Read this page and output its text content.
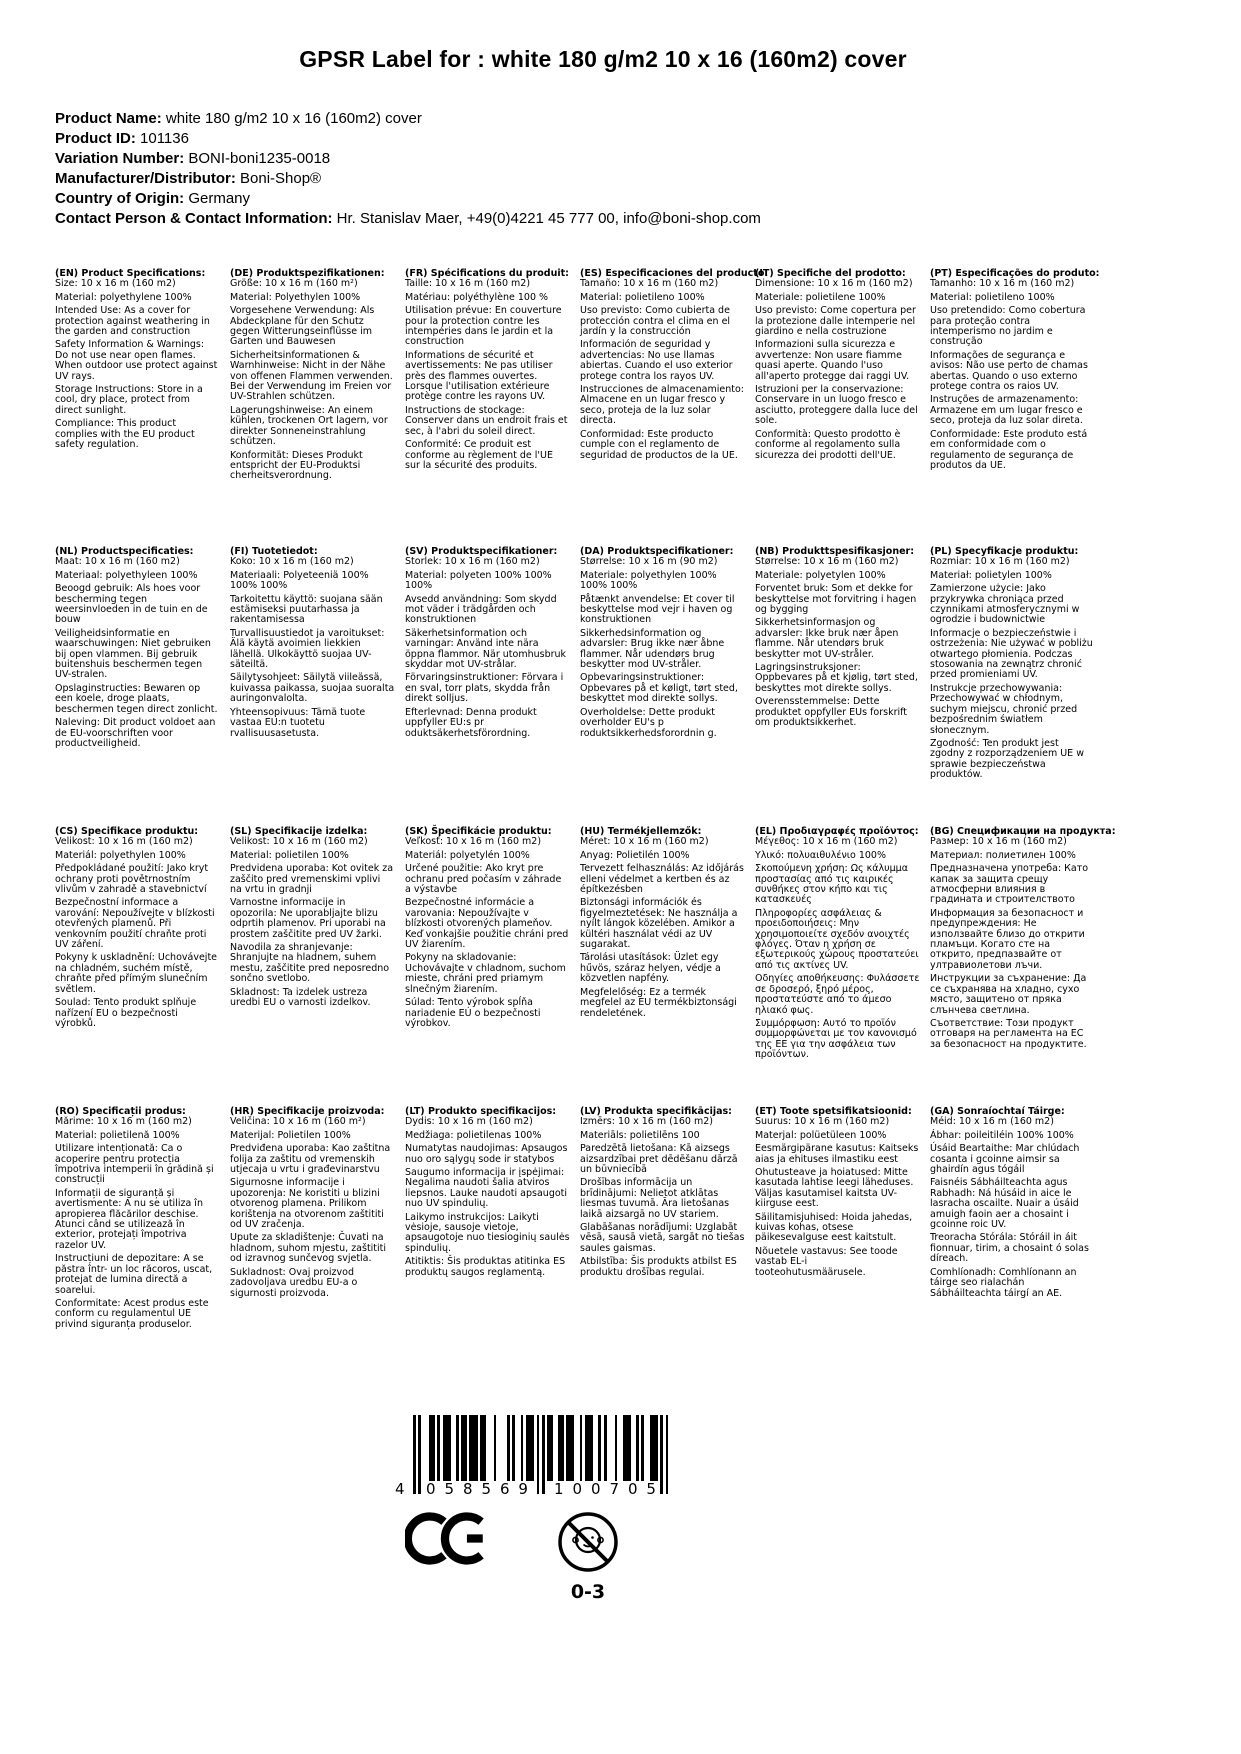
GPSR Label for : white 180 g/m2 10 x 16 (160m2) cover
Product Name: white 180 g/m2 10 x 16 (160m2) cover
Product ID: 101136
Variation Number: BONI-boni1235-0018
Manufacturer/Distributor: Boni-Shop®
Country of Origin: Germany
Contact Person & Contact Information: Hr. Stanislav Maer, +49(0)4221 45 777 00, info@boni-shop.com
(EN) Product Specifications:

Size: 10 x 16 m (160 m2)

Material: polyethylene 100%

Intended Use: As a cover for protection against weathering in the garden and construction

Safety Information & Warnings: Do not use near open flames. When outdoor use protect against UV rays.

Storage Instructions: Store in a cool, dry place, protect from direct sunlight.

Compliance: This product complies with the EU product safety regulation.

(DE) Produktspezifikationen:

Größe: 10 x 16 m (160 m²)

Material: Polyethylen 100%

Vorgesehene Verwendung: Als Abdeckplane für den Schutz gegen Witterungseinflüsse im Garten und Bauwesen

Sicherheitsinformationen & Warnhinweise: Nicht in der Nähe von offenen Flammen verwenden. Bei der Verwendung im Freien vor UV-Strahlen schützen.

Lagerungshinweise: An einem kühlen, trockenen Ort lagern, vor direkter Sonneneinstrahlung schützen.

Konformität: Dieses Produkt entspricht der EU-Produktsi cherheitsverordnung.

(FR) Spécifications du produit:

Taille: 10 x 16 m (160 m2)

Matériau: polyéthylène 100 %

Utilisation prévue: En couverture pour la protection contre les intempéries dans le jardin et la construction

Informations de sécurité et avertissements: Ne pas utiliser près des flammes ouvertes. Lorsque l'utilisation extérieure protège contre les rayons UV.

Instructions de stockage: Conserver dans un endroit frais et sec, à l'abri du soleil direct.

Conformité: Ce produit est conforme au règlement de l'UE sur la sécurité des produits.

(ES) Especificaciones del producto:

Tamaño: 10 x 16 m (160 m2)

Material: polietileno 100%

Uso previsto: Como cubierta de protección contra el clima en el jardín y la construcción

Información de seguridad y advertencias: No use llamas abiertas. Cuando el uso exterior protege contra los rayos UV.

Instrucciones de almacenamiento: Almacene en un lugar fresco y seco, proteja de la luz solar directa.

Conformidad: Este producto cumple con el reglamento de seguridad de productos de la UE.

(IT) Specifiche del prodotto:

Dimensione: 10 x 16 m (160 m2)

Materiale: polietilene 100%

Uso previsto: Come copertura per la protezione dalle intemperie nel giardino e nella costruzione

Informazioni sulla sicurezza e avvertenze: Non usare fiamme quasi aperte. Quando l'uso all'aperto protegge dai raggi UV.

Istruzioni per la conservazione: Conservare in un luogo fresco e asciutto, proteggere dalla luce del sole.

Conformità: Questo prodotto è conforme al regolamento sulla sicurezza dei prodotti dell'UE.

(PT) Especificações do produto:

Tamanho: 10 x 16 m (160 m2)

Material: polietileno 100%

Uso pretendido: Como cobertura para proteção contra intemperismo no jardim e construção

Informações de segurança e avisos: Não use perto de chamas abertas. Quando o uso externo protege contra os raios UV.

Instruções de armazenamento: Armazene em um lugar fresco e seco, proteja da luz solar direta.

Conformidade: Este produto está em conformidade com o regulamento de segurança de produtos da UE.

(NL) Productspecificaties:

Maat: 10 x 16 m (160 m2)

Materiaal: polyethyleen 100%

Beoogd gebruik: Als hoes voor bescherming tegen weersinvloeden in de tuin en de bouw

Veiligheidsinformatie en waarschuwingen: Niet gebruiken bij open vlammen. Bij gebruik buitenshuis beschermen tegen UV-stralen.

Opslaginstructies: Bewaren op een koele, droge plaats, beschermen tegen direct zonlicht.

Naleving: Dit product voldoet aan de EU-voorschriften voor productveiligheid.

(FI) Tuotetiedot:

Koko: 10 x 16 m (160 m2)

Materiaali: Polyeteeniä 100% 100% 100%

Tarkoitettu käyttö: suojana sään estämiseksi puutarhassa ja rakentamisessa

Turvallisuustiedot ja varoitukset: Älä käytä avoimien liekkien lähellä. Ulkokäyttö suojaa UV-säteiltä.

Säilytysohjeet: Säilytä viileässä, kuivassa paikassa, suojaa suoralta auringonvalolta.

Yhteensopivuus: Tämä tuote vastaa EU:n tuotetu rvallisuusasetusta.

(SV) Produktspecifikationer:

Storlek: 10 x 16 m (160 m2)

Material: polyeten 100% 100% 100%

Avsedd användning: Som skydd mot väder i trädgården och konstruktionen

Säkerhetsinformation och varningar: Använd inte nära öppna flammor. När utomhusbruk skyddar mot UV-strålar.

Förvaringsinstruktioner: Förvara i en sval, torr plats, skydda från direkt solljus.

Efterlevnad: Denna produkt uppfyller EU:s pr oduktsäkerhetsförordning.

(DA) Produktspecifikationer:

Størrelse: 10 x 16 m (90 m2)

Materiale: polyethylen 100% 100% 100%

Påtænkt anvendelse: Et cover til beskyttelse mod vejr i haven og konstruktionen

Sikkerhedsinformation og advarsler: Brug ikke nær åbne flammer. Når udendørs brug beskytter mod UV-stråler.

Opbevaringsinstruktioner: Opbevares på et køligt, tørt sted, beskyttet mod direkte sollys.

Overholdelse: Dette produkt overholder EU's p roduktsikkerhedsforordnin g.

(NB) Produkttspesifikasjoner:

Størrelse: 10 x 16 m (160 m2)

Materiale: polyetylen 100%

Forventet bruk: Som et dekke for beskyttelse mot forvitring i hagen og bygging

Sikkerhetsinformasjon og advarsler: Ikke bruk nær åpen flamme. Når utendørs bruk beskytter mot UV-stråler.

Lagringsinstruksjoner: Oppbevares på et kjølig, tørt sted, beskyttes mot direkte sollys.

Overensstemmelse: Dette produktet oppfyller EUs forskrift om produktsikkerhet.

(PL) Specyfikacje produktu:

Rozmiar: 10 x 16 m (160 m2)

Materiał: polietylen 100%

Zamierzone użycie: Jako przykrywka chroniąca przed czynnikami atmosferycznymi w ogrodzie i budownictwie

Informacje o bezpieczeństwie i ostrzeżenia: Nie używać w pobliżu otwartego płomienia. Podczas stosowania na zewnątrz chronić przed promieniami UV.

Instrukcje przechowywania: Przechowywać w chłodnym, suchym miejscu, chronić przed bezpośrednim światłem słonecznym.

Zgodność: Ten produkt jest zgodny z rozporządzeniem UE w sprawie bezpieczeństwa produktów.

(CS) Specifikace produktu:

Velikost: 10 x 16 m (160 m2)

Materiál: polyethylen 100%

Předpokládané použití: Jako kryt ochrany proti povětrnostním vlivům v zahradě a stavebnictví

Bezpečnostní informace a varování: Nepoužívejte v blízkosti otevřených plamenů. Při venkovním použití chraňte proti UV záření.

Pokyny k uskladnění: Uchovávejte na chladném, suchém místě, chraňte před přímým slunečním světlem.

Soulad: Tento produkt splňuje nařízení EU o bezpečnosti výrobků.

(SL) Specifikacije izdelka:

Velikost: 10 x 16 m (160 m2)

Material: polietilen 100%

Predvidena uporaba: Kot ovitek za zaščito pred vremenskimi vplivi na vrtu in gradnji

Varnostne informacije in opozorila: Ne uporabljajte blizu odprtih plamenov. Pri uporabi na prostem zaščitite pred UV žarki.

Navodila za shranjevanje: Shranjujte na hladnem, suhem mestu, zaščitite pred neposredno sončno svetlobo.

Skladnost: Ta izdelek ustreza uredbi EU o varnosti izdelkov.

(SK) Špecifikácie produktu:

Veľkosť: 10 x 16 m (160 m2)

Materiál: polyetylén 100%

Určené použitie: Ako kryt pre ochranu pred počasím v záhrade a výstavbe

Bezpečnostné informácie a varovania: Nepoužívajte v blízkosti otvorených plameňov. Keď vonkajšie použitie chráni pred UV žiarením.

Pokyny na skladovanie: Uchovávajte v chladnom, suchom mieste, chráni pred priamym slnečným žiarením.

Súlad: Tento výrobok spĺňa nariadenie EÚ o bezpečnosti výrobkov.

(HU) Termékjellemzők:

Méret: 10 x 16 m (160 m2)

Anyag: Polietilén 100%

Tervezett felhasználás: Az időjárás elleni védelmet a kertben és az építkezésben

Biztonsági információk és figyelmeztetések: Ne használja a nyílt lángok közelében. Amikor a kültéri használat védi az UV sugarakat.

Tárolási utasítások: Üzlet egy hűvös, száraz helyen, védje a közvetlen napfény.

Megfelelőség: Ez a termék megfelel az EU termékbiztonsági rendeletének.

(EL) Προδιαγραφές προϊόντος:

Μέγεθος: 10 x 16 m (160 m2)

Υλικό: πολυαιθυλένιο 100%

Σκοπούμενη χρήση: Ως κάλυμμα προστασίας από τις καιρικές συνθήκες στον κήπο και τις κατασκευές

Πληροφορίες ασφάλειας & προειδοποιήσεις: Μην χρησιμοποιείτε σχεδόν ανοιχτές φλόγες. Όταν η χρήση σε εξωτερικούς χώρους προστατεύει από τις ακτίνες UV.

Οδηγίες αποθήκευσης: Φυλάσσετε σε δροσερό, ξηρό μέρος, προστατεύστε από το άμεσο ηλιακό φως.

Συμμόρφωση: Αυτό το προϊόν συμμορφώνεται με τον κανονισμό της ΕΕ για την ασφάλεια των προϊόντων.

(BG) Спецификации на продукта:

Размер: 10 x 16 m (160 m2)

Материал: полиетилен 100%

Предназначена употреба: Като капак за защита срещу атмосферни влияния в градината и строителството

Информация за безопасност и предупреждения: Не използвайте близо до открити пламъци. Когато сте на открито, предпазвайте от ултравиолетови лъчи.

Инструкции за съхранение: Да се съхранява на хладно, сухо място, защитено от пряка слънчева светлина.

Съответствие: Този продукт отговаря на регламента на ЕС за безопасност на продуктите.

(RO) Specificații produs:

Mărime: 10 x 16 m (160 m2)

Material: polietilenă 100%

Utilizare intenționată: Ca o acoperire pentru protecția împotriva intemperii în grădină și construcții

Informații de siguranță și avertismente: A nu se utiliza în apropierea flăcărilor deschise. Atunci când se utilizează în exterior, protejați împotriva razelor UV.

Instrucțiuni de depozitare: A se păstra într- un loc răcoros, uscat, protejat de lumina directă a soarelui.

Conformitate: Acest produs este conform cu regulamentul UE privind siguranța produselor.

(HR) Specifikacije proizvoda:

Veličina: 10 x 16 m (160 m²)

Materijal: Polietilen 100%

Predviđena uporaba: Kao zaštitna folija za zaštitu od vremenskih utjecaja u vrtu i građevinarstvu

Sigurnosne informacije i upozorenja: Ne koristiti u blizini otvorenog plamena. Prilikom korištenja na otvorenom zaštititi od UV zračenja.

Upute za skladištenje: Čuvati na hladnom, suhom mjestu, zaštititi od izravnog sunčevog svjetla.

Sukladnost: Ovaj proizvod zadovoljava uredbu EU-a o sigurnosti proizvoda.

(LT) Produkto specifikacijos:

Dydis: 10 x 16 m (160 m2)

Medžiaga: polietilenas 100%

Numatytas naudojimas: Apsaugos nuo oro sąlygų sode ir statybos

Saugumo informacija ir įspėjimai: Negalima naudoti šalia atviros liepsnos. Lauke naudoti apsaugoti nuo UV spindulių.

Laikymo instrukcijos: Laikyti vėsioje, sausoje vietoje, apsaugotoje nuo tiesioginių saulės spindulių.

Atitiktis: Šis produktas atitinka ES produktų saugos reglamentą.

(LV) Produkta specifikācijas:

Izmērs: 10 x 16 m (160 m2)

Materiāls: polietilēns 100

Paredzētā lietošana: Kā aizsegs aizsardzībai pret dēdēšanu dārzā un būvniecībā

Drošības informācija un brīdinājumi: Nelietot atklātas liesmas tuvumā. Āra lietošanas laikā aizsargā no UV stariem.

Glabāšanas norādījumi: Uzglabāt vēsā, sausā vietā, sargāt no tiešas saules gaismas.

Atbilstība: Šis produkts atbilst ES produktu drošības regulai.

(ET) Toote spetsifikatsioonid:

Suurus: 10 x 16 m (160 m2)

Materjal: polüetüleen 100%

Eesmärgipärane kasutus: Kaitseks aias ja ehituses ilmastiku eest

Ohutusteave ja hoiatused: Mitte kasutada lahtise leegi läheduses. Väljas kasutamisel kaitsta UV-kiirguse eest.

Säilitamisjuhised: Hoida jahedas, kuivas kohas, otsese päikesevalguse eest kaitstult.

Nõuetele vastavus: See toode vastab EL-i tooteohutusmäärusele.

(GA) Sonraíochtaí Táirge:

Méid: 10 x 16 m (160 m2)

Ábhar: poileitiléin 100% 100%

Úsáid Beartaithe: Mar chlúdach cosanta i gcoinne aimsir sa ghairdín agus tógáil

Faisnéis Sábháilteachta agus Rabhadh: Ná húsáid in aice le lasracha oscailte. Nuair a úsáid amuigh faoin aer a chosaint i gcoinne roic UV.

Treoracha Stórála: Stóráil in áit fionnuar, tirim, a chosaint ó solas díreach.

Comhlíonadh: Comhlíonann an táirge seo rialachán Sábháilteachta táirgí an AE.

4 0 5 8 5 6 9 1 0 0 7 0 5
0-3
